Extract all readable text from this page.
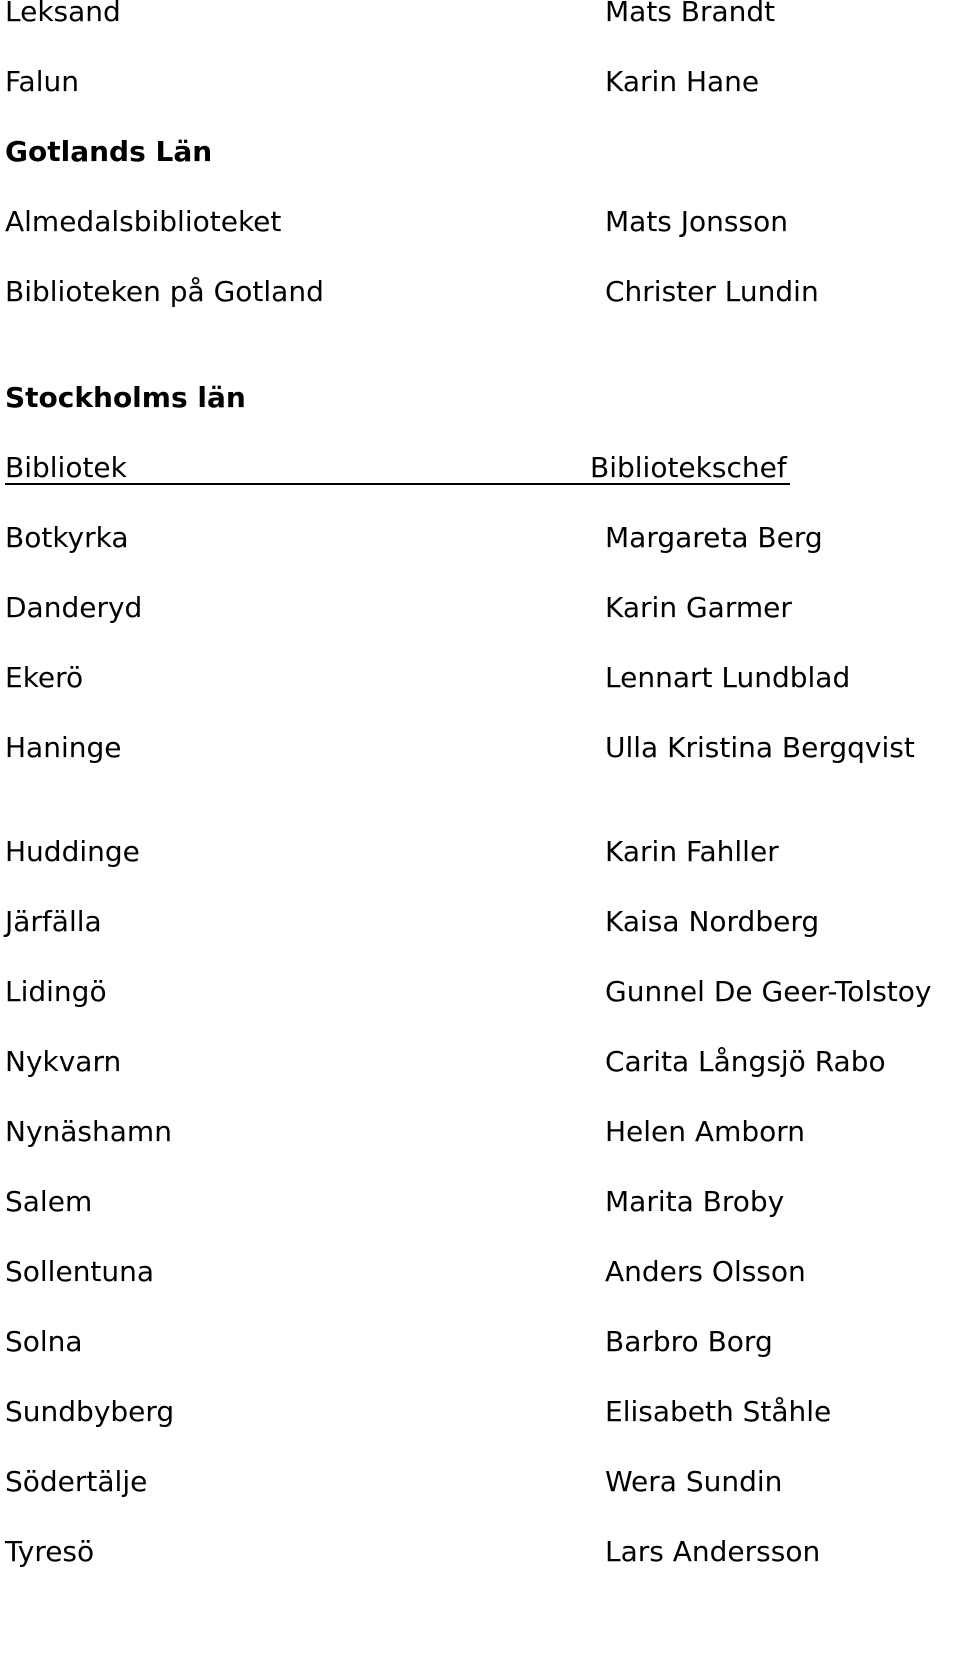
Leksand	Mats Brandt
Falun	Karin Hane
Gotlands Län
Almedalsbiblioteket	Mats Jonsson
Biblioteken på Gotland	Christer Lundin
Stockholms län
Bibliotek	Bibliotekschef
Botkyrka	Margareta Berg
Danderyd	Karin Garmer
Ekerö	Lennart Lundblad
Haninge	Ulla Kristina Bergqvist
Huddinge	Karin Fahller
Järfälla	Kaisa Nordberg
Lidingö	Gunnel De Geer-Tolstoy
Nykvarn	Carita Långsjö Rabo
Nynäshamn	Helen Amborn
Salem	Marita Broby
Sollentuna	Anders Olsson
Solna	Barbro Borg
Sundbyberg	Elisabeth Ståhle
Södertälje	Wera Sundin
Tyresö	Lars Andersson
